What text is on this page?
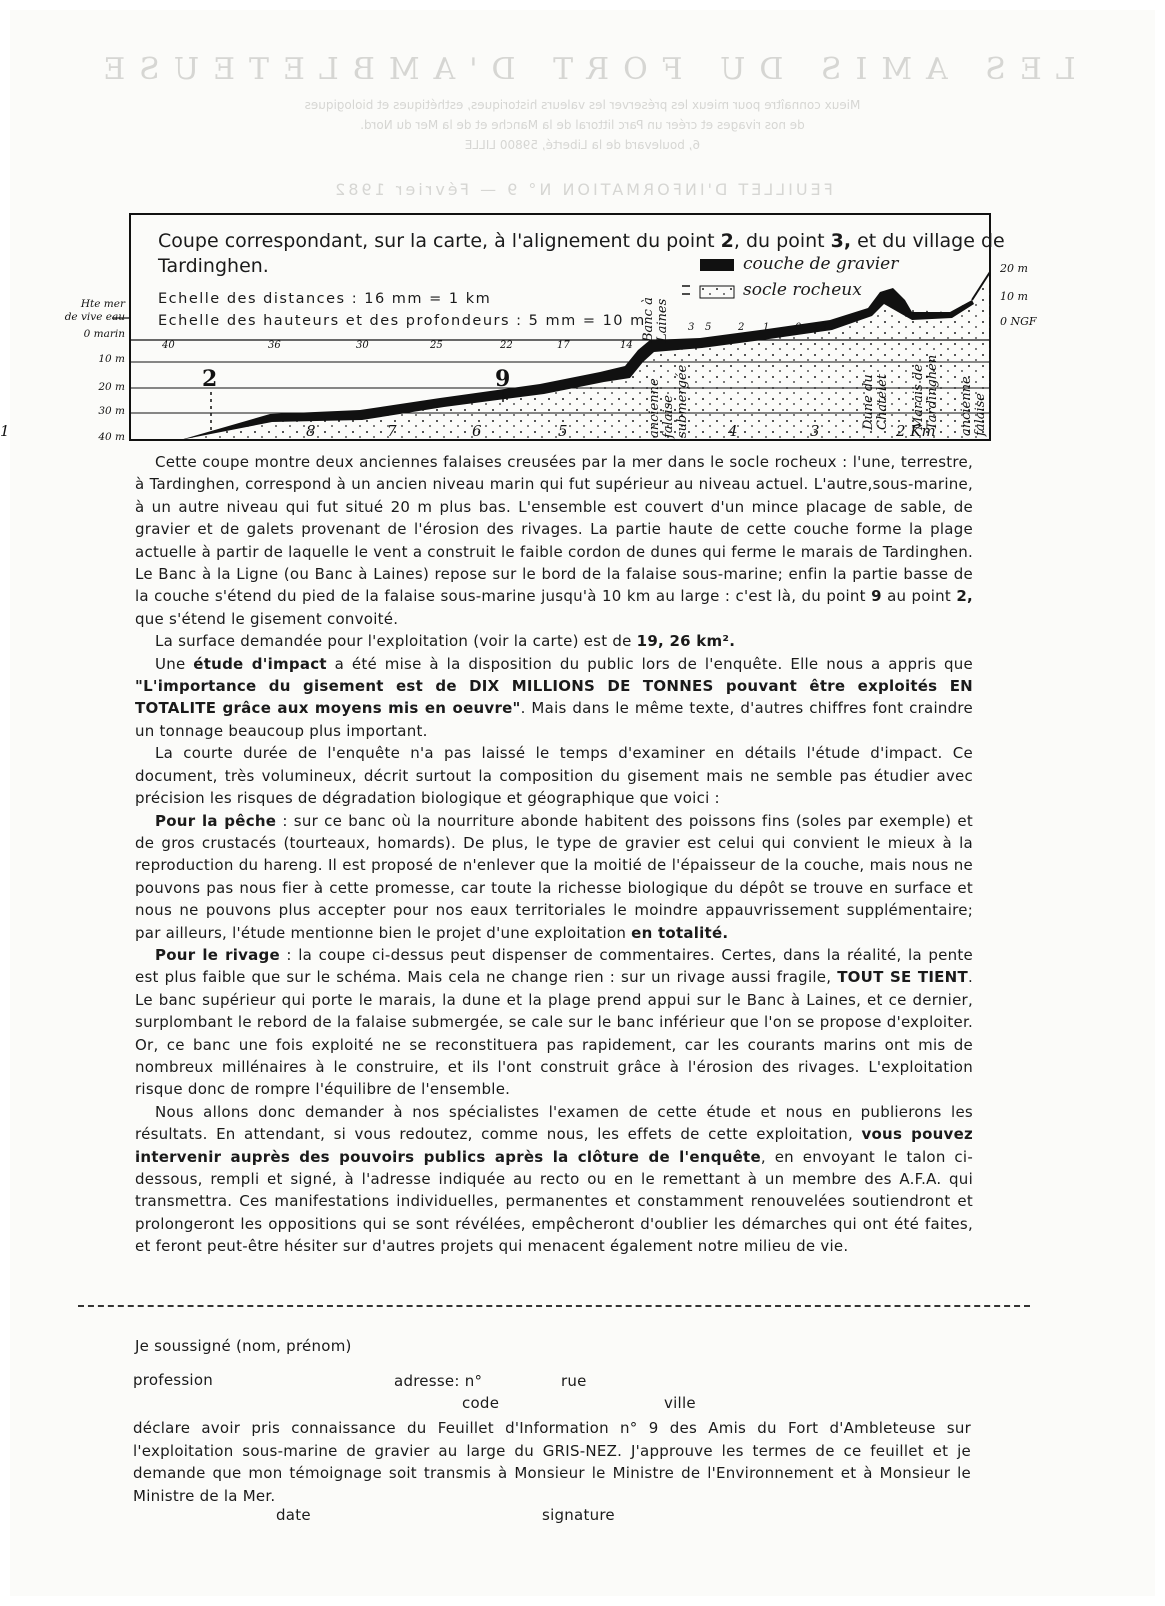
LES AMIS DU FORT D'AMBLETEUSE
Mieux connaître pour mieux les préserver les valeurs historiques, esthétiques et biologiques
de nos rivages et créer un Parc littoral de la Manche et de la Mer du Nord.
6, boulevard de la Liberté, 59800 LILLE
FEUILLET D'INFORMATION N° 9 — Février 1982
40	36	30	25	22	17	14
3 5	2 1	0 +3
8	7	6	5	4	3	2 Km
1
2	9
Banc à Laines
ancienne falaise submergée	Dune du Chatelet Marais de Tardinghen ancienne falaise
Hte mer
de vive eau
0 marin
10 m
20 m
30 m
40 m
20 m
10 m
0 NGF
Coupe correspondant, sur la carte, à l'alignement du point 2, du point 3, et du village de Tardinghen.
Echelle des distances : 16 mm = 1 km
Echelle des hauteurs et des profondeurs : 5 mm = 10 m
couche de gravier
socle rocheux

Cette coupe montre deux anciennes falaises creusées par la mer dans le socle rocheux : l'une, terrestre, à Tardinghen, correspond à un ancien niveau marin qui fut supérieur au niveau actuel. L'autre,sous-marine, à un autre niveau qui fut situé 20 m plus bas. L'ensemble est couvert d'un mince placage de sable, de gravier et de galets provenant de l'érosion des rivages. La partie haute de cette couche forme la plage actuelle à partir de laquelle le vent a construit le faible cordon de dunes qui ferme le marais de Tardinghen. Le Banc à la Ligne (ou Banc à Laines) repose sur le bord de la falaise sous-marine; enfin la partie basse de la couche s'étend du pied de la falaise sous-marine jusqu'à 10 km au large : c'est là, du point 9 au point 2, que s'étend le gisement convoité.

La surface demandée pour l'exploitation (voir la carte) est de 19, 26 km².

Une étude d'impact a été mise à la disposition du public lors de l'enquête. Elle nous a appris que "L'importance du gisement est de DIX MILLIONS DE TONNES pouvant être exploités EN TOTALITE grâce aux moyens mis en oeuvre". Mais dans le même texte, d'autres chiffres font craindre un tonnage beaucoup plus important.

La courte durée de l'enquête n'a pas laissé le temps d'examiner en détails l'étude d'impact. Ce document, très volumineux, décrit surtout la composition du gisement mais ne semble pas étudier avec précision les risques de dégradation biologique et géographique que voici :

Pour la pêche : sur ce banc où la nourriture abonde habitent des poissons fins (soles par exemple) et de gros crustacés (tourteaux, homards). De plus, le type de gravier est celui qui convient le mieux à la reproduction du hareng. Il est proposé de n'enlever que la moitié de l'épaisseur de la couche, mais nous ne pouvons pas nous fier à cette promesse, car toute la richesse biologique du dépôt se trouve en surface et nous ne pouvons plus accepter pour nos eaux territoriales le moindre appauvrissement supplémentaire; par ailleurs, l'étude mentionne bien le projet d'une exploitation en totalité.

Pour le rivage : la coupe ci-dessus peut dispenser de commentaires. Certes, dans la réalité, la pente est plus faible que sur le schéma. Mais cela ne change rien : sur un rivage aussi fragile, TOUT SE TIENT. Le banc supérieur qui porte le marais, la dune et la plage prend appui sur le Banc à Laines, et ce dernier, surplombant le rebord de la falaise submergée, se cale sur le banc inférieur que l'on se propose d'exploiter. Or, ce banc une fois exploité ne se reconstituera pas rapidement, car les courants marins ont mis de nombreux millénaires à le construire, et ils l'ont construit grâce à l'érosion des rivages. L'exploitation risque donc de rompre l'équilibre de l'ensemble.

Nous allons donc demander à nos spécialistes l'examen de cette étude et nous en publierons les résultats. En attendant, si vous redoutez, comme nous, les effets de cette exploitation, vous pouvez intervenir auprès des pouvoirs publics après la clôture de l'enquête, en envoyant le talon ci-dessous, rempli et signé, à l'adresse indiquée au recto ou en le remettant à un membre des A.F.A. qui transmettra. Ces manifestations individuelles, permanentes et constamment renouvelées soutiendront et prolongeront les oppositions qui se sont révélées, empêcheront d'oublier les démarches qui ont été faites, et feront peut-être hésiter sur d'autres projets qui menacent également notre milieu de vie.

Je soussigné (nom, prénom)
profession	adresse: n°	rue
code	ville
déclare avoir pris connaissance du Feuillet d'Information n° 9 des Amis du Fort d'Ambleteuse sur l'exploitation sous-marine de gravier au large du GRIS-NEZ. J'approuve les termes de ce feuillet et je demande que mon témoignage soit transmis à Monsieur le Ministre de l'Environnement et à Monsieur le Ministre de la Mer.
date	signature
